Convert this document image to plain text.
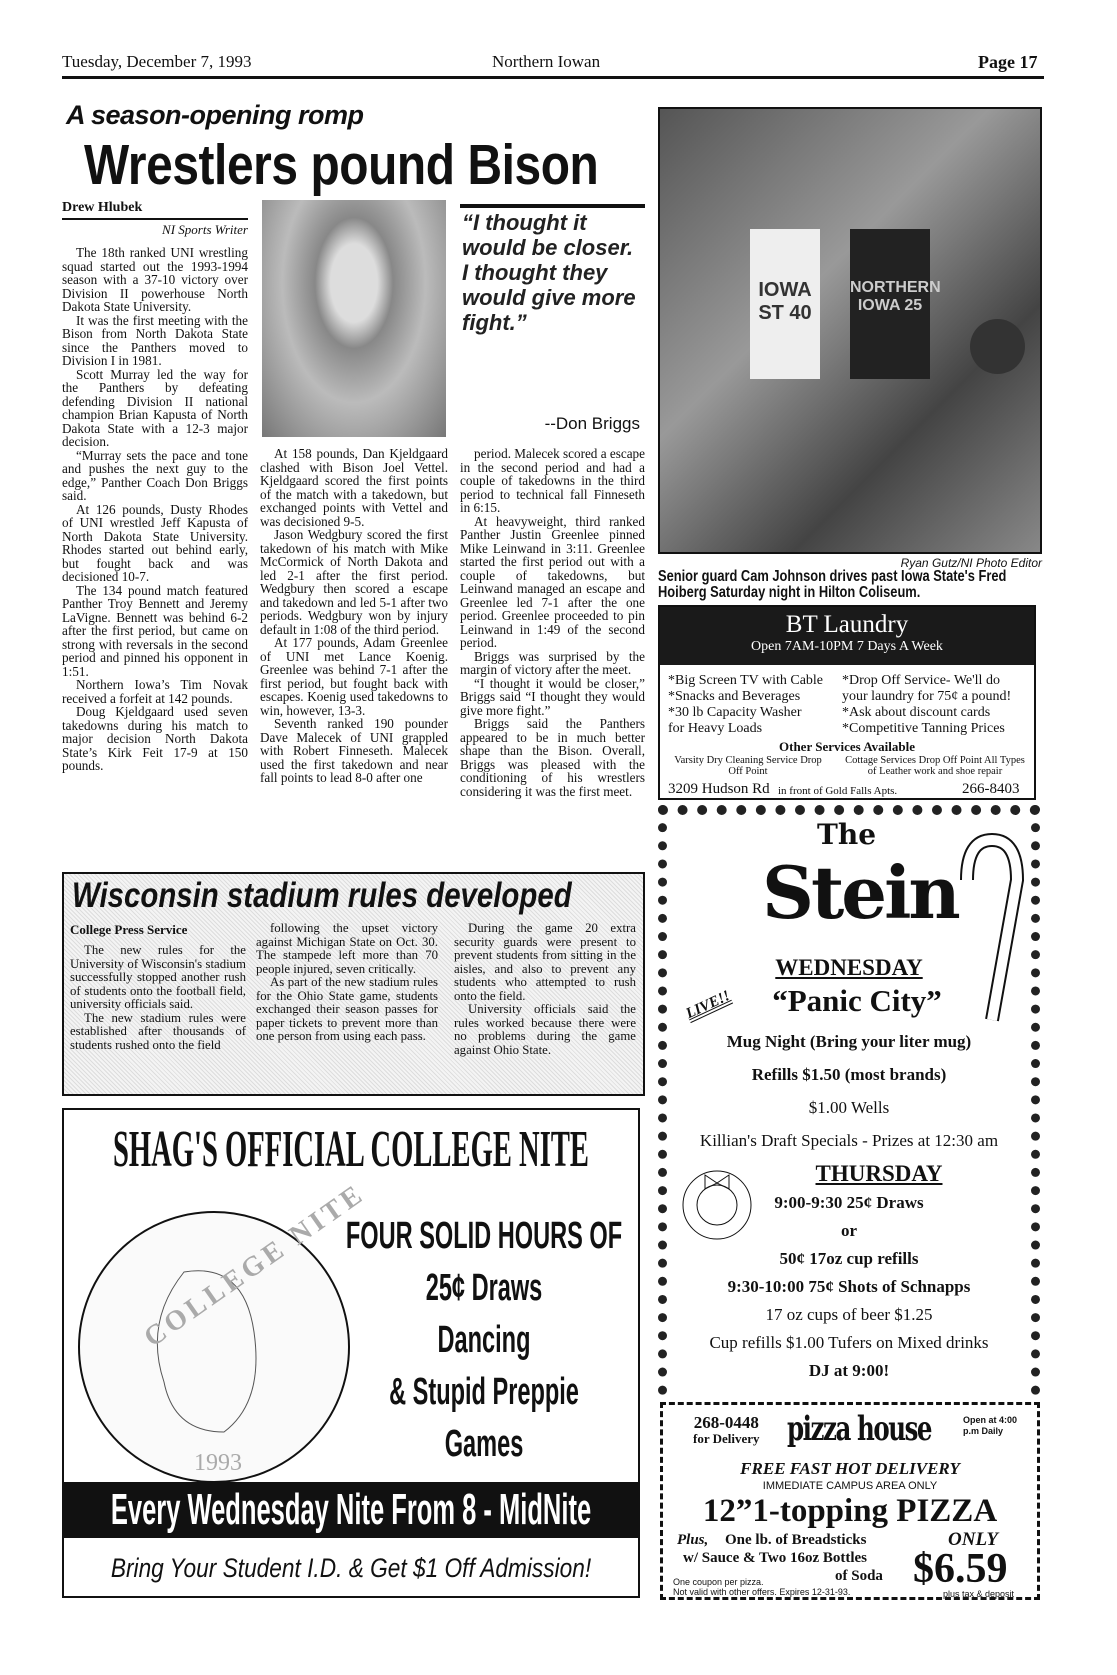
Tuesday, December 7, 1993	Northern Iowan	Page 17
A season-opening romp
Wrestlers pound Bison
Drew Hlubek
NI Sports Writer

The 18th ranked UNI wrestling squad started out the 1993-1994 season with a 37-10 victory over Division II powerhouse North Dakota State University.

It was the first meeting with the Bison from North Dakota State since the Panthers moved to Division I in 1981.

Scott Murray led the way for the Panthers by defeating defending Division II national champion Brian Kapusta of North Dakota State with a 12-3 major decision.

“Murray sets the pace and tone and pushes the next guy to the edge,” Panther Coach Don Briggs said.

At 126 pounds, Dusty Rhodes of UNI wrestled Jeff Kapusta of North Dakota State University. Rhodes started out behind early, but fought back and was decisioned 10-7.

The 134 pound match featured Panther Troy Bennett and Jeremy LaVigne. Bennett was behind 6-2 after the first period, but came on strong with reversals in the second period and pinned his opponent in 1:51.

Northern Iowa’s Tim Novak received a forfeit at 142 pounds.

Doug Kjeldgaard used seven takedowns during his match to major decision North Dakota State’s Kirk Feit 17-9 at 150 pounds.

At 158 pounds, Dan Kjeldgaard clashed with Bison Joel Vettel. Kjeldgaard scored the first points of the match with a takedown, but exchanged points with Vettel and was decisioned 9-5.

Jason Wedgbury scored the first takedown of his match with Mike McCormick of North Dakota and led 2-1 after the first period. Wedgbury then scored a escape and takedown and led 5-1 after two periods. Wedgbury won by injury default in 1:08 of the third period.

At 177 pounds, Adam Greenlee of UNI met Lance Koenig. Greenlee was behind 7-1 after the first period, but fought back with escapes. Koenig used takedowns to win, however, 13-3.

Seventh ranked 190 pounder Dave Malecek of UNI grappled with Robert Finneseth. Malecek used the first takedown and near fall points to lead 8-0 after one

“I thought it would be closer. I thought they would give more fight.”
--Don Briggs

period. Malecek scored a escape in the second period and had a couple of takedowns in the third period to technical fall Finneseth in 6:15.

At heavyweight, third ranked Panther Justin Greenlee pinned Mike Leinwand in 3:11. Greenlee started the first period out with a couple of takedowns, but Leinwand managed an escape and Greenlee led 7-1 after the one period. Greenlee proceeded to pin Leinwand in 1:49 of the second period.

Briggs was surprised by the margin of victory after the meet.

“I thought it would be closer,” Briggs said “I thought they would give more fight.”

Briggs said the Panthers appeared to be in much better shape than the Bison. Overall, Briggs was pleased with the conditioning of his wrestlers considering it was the first meet.

IOWA ST 40
NORTHERN IOWA 25
Ryan Gutz/NI Photo Editor
Senior guard Cam Johnson drives past Iowa State's Fred Hoiberg Saturday night in Hilton Coliseum.
BT Laundry
Open 7AM-10PM 7 Days A Week
*Big Screen TV with Cable
*Snacks and Beverages
*30 lb Capacity Washer
for Heavy Loads
*Drop Off Service- We'll do
your laundry for 75¢ a pound!
*Ask about discount cards
*Competitive Tanning Prices
Other Services Available
Varsity Dry Cleaning Service Drop Off Point
Cottage Services Drop Off Point All Types of Leather work and shoe repair
3209 Hudson Rd in front of Gold Falls Apts.	266-8403
The
Stein
WEDNESDAY
LIVE!!	“Panic City”
Mug Night (Bring your liter mug)
Refills $1.50 (most brands)
$1.00 Wells
Killian's Draft Specials - Prizes at 12:30 am
THURSDAY
9:00-9:30 25¢ Draws
or
50¢ 17oz cup refills
9:30-10:00 75¢ Shots of Schnapps
17 oz cups of beer $1.25
Cup refills $1.00 Tufers on Mixed drinks
DJ at 9:00!
268-0448
for Delivery pizza house	Open at 4:00 p.m Daily
FREE FAST HOT DELIVERY
IMMEDIATE CAMPUS AREA ONLY
12”1-topping PIZZA
Plus, One lb. of Breadsticks
w/ Sauce & Two 16oz Bottles
of Soda
ONLY
$6.59
plus tax & deposit
One coupon per pizza.
Not valid with other offers. Expires 12-31-93.
Wisconsin stadium rules developed
College Press Service

The new rules for the University of Wisconsin's stadium successfully stopped another rush of students onto the football field, university officials said.

The new stadium rules were established after thousands of students rushed onto the field

following the upset victory against Michigan State on Oct. 30. The stampede left more than 70 people injured, seven critically.

As part of the new stadium rules for the Ohio State game, students exchanged their season passes for paper tickets to prevent more than one person from using each pass.

During the game 20 extra security guards were present to prevent students from sitting in the aisles, and also to prevent any students who attempted to rush onto the field.

University officials said the rules worked because there were no problems during the game against Ohio State.

SHAG'S OFFICIAL COLLEGE NITE
COLLEGE NITE
1993
FOUR SOLID HOURS OF
25¢ Draws
Dancing
& Stupid Preppie
Games
Every Wednesday Nite From 8 - MidNite
Bring Your Student I.D. & Get $1 Off Admission!
